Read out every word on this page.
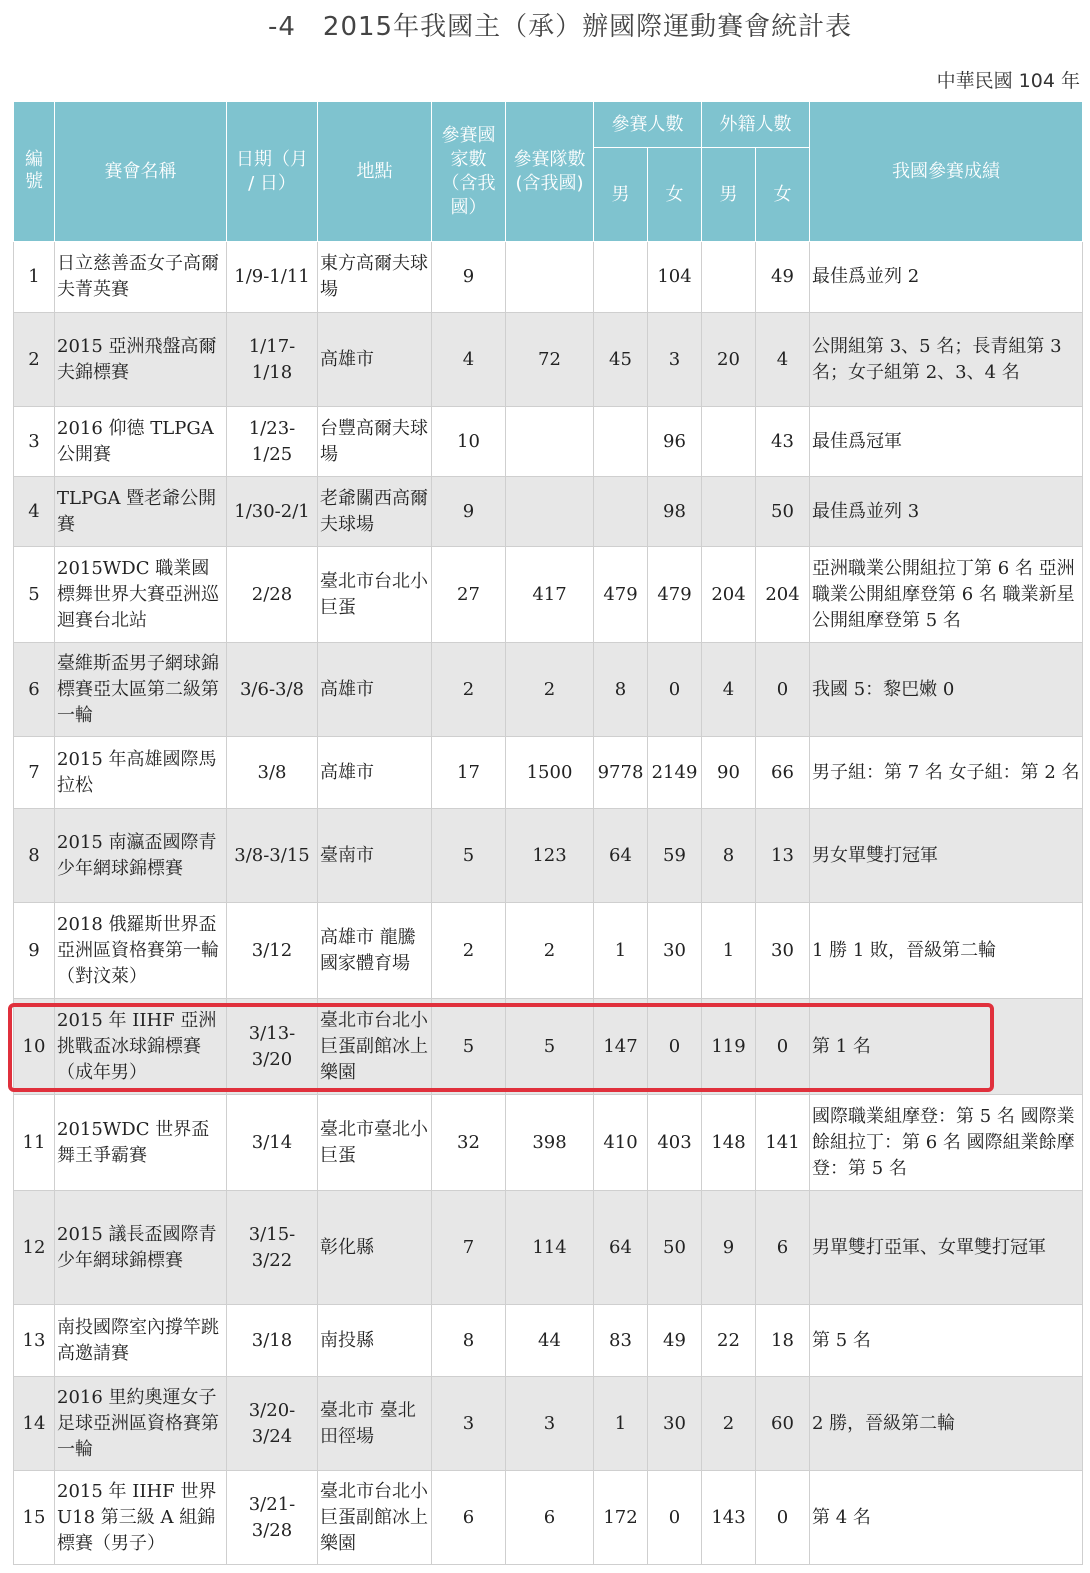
-4　2015年我國主（承）辦國際運動賽會統計表
中華民國 104 年
編號	賽會名稱	日期（月 / 日）	地點	參賽國家數（含我國）	參賽隊數(含我國)	參賽人數		外籍人數		我國參賽成績
						男	女	男	女	
1	日立慈善盃女子高爾夫菁英賽	1/9-1/11	東方高爾夫球場	9			104		49	最佳爲並列 2
2	2015 亞洲飛盤高爾夫錦標賽	1/17-1/18	高雄市	4	72	45	3	20	4	公開組第 3、5 名；長青組第 3 名；女子組第 2、3、4 名
3	2016 仰德 TLPGA 公開賽	1/23-1/25	台豐高爾夫球場	10			96		43	最佳爲冠軍
4	TLPGA 暨老爺公開賽	1/30-2/1	老爺關西高爾夫球場	9			98		50	最佳爲並列 3
5	2015WDC 職業國標舞世界大賽亞洲巡迴賽台北站	2/28	臺北市台北小巨蛋	27	417	479	479	204	204	亞洲職業公開組拉丁第 6 名 亞洲職業公開組摩登第 6 名 職業新星公開組摩登第 5 名
6	臺維斯盃男子網球錦標賽亞太區第二級第一輪	3/6-3/8	高雄市	2	2	8	0	4	0	我國 5：黎巴嫩 0
7	2015 年高雄國際馬拉松	3/8	高雄市	17	1500	9778	2149	90	66	男子組：第 7 名 女子組：第 2 名
8	2015 南瀛盃國際青少年網球錦標賽	3/8-3/15	臺南市	5	123	64	59	8	13	男女單雙打冠軍
9	2018 俄羅斯世界盃亞洲區資格賽第一輪（對汶萊）	3/12	高雄市 龍騰國家體育場	2	2	1	30	1	30	1 勝 1 敗，晉級第二輪
10	2015 年 IIHF 亞洲挑戰盃冰球錦標賽（成年男）	3/13-3/20	臺北市台北小巨蛋副館冰上樂園	5	5	147	0	119	0	第 1 名
11	2015WDC 世界盃舞王爭霸賽	3/14	臺北市臺北小巨蛋	32	398	410	403	148	141	國際職業組摩登：第 5 名 國際業餘組拉丁：第 6 名 國際組業餘摩登：第 5 名
12	2015 議長盃國際青少年網球錦標賽	3/15-3/22	彰化縣	7	114	64	50	9	6	男單雙打亞軍、女單雙打冠軍
13	南投國際室內撐竿跳高邀請賽	3/18	南投縣	8	44	83	49	22	18	第 5 名
14	2016 里約奧運女子足球亞洲區資格賽第一輪	3/20-3/24	臺北市 臺北田徑場	3	3	1	30	2	60	2 勝，晉級第二輪
15	2015 年 IIHF 世界 U18 第三級 A 組錦標賽（男子）	3/21-3/28	臺北市台北小巨蛋副館冰上樂園	6	6	172	0	143	0	第 4 名
